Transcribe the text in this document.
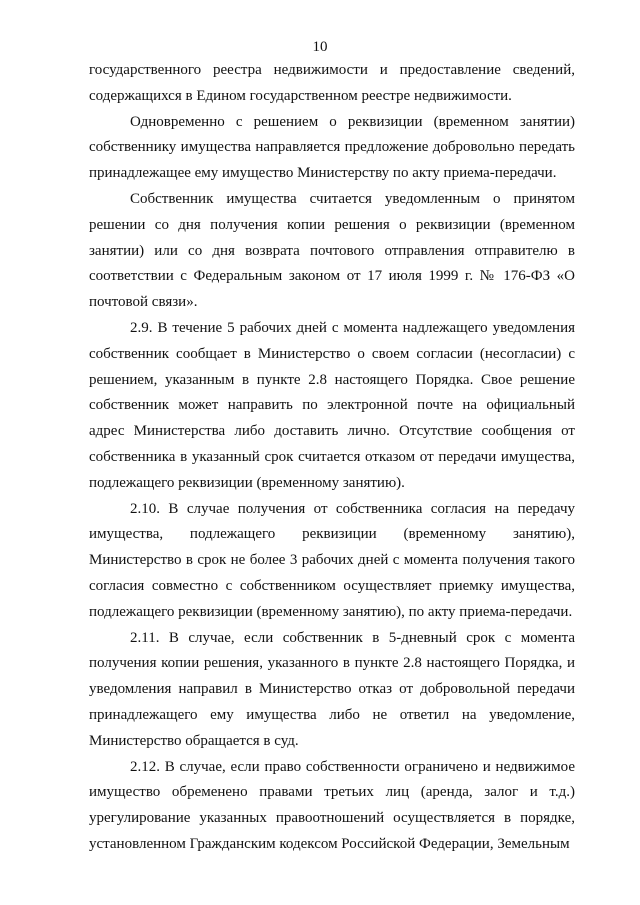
10

государственного реестра недвижимости и предоставление сведений, содержащихся в Едином государственном реестре недвижимости.

Одновременно с решением о реквизиции (временном занятии) собственнику имущества направляется предложение добровольно передать принадлежащее ему имущество Министерству по акту приема-передачи.

Собственник имущества считается уведомленным о принятом решении со дня получения копии решения о реквизиции (временном занятии) или со дня возврата почтового отправления отправителю в соответствии с Федеральным законом от 17 июля 1999 г. № 176-ФЗ «О почтовой связи».

2.9. В течение 5 рабочих дней с момента надлежащего уведомления собственник сообщает в Министерство о своем согласии (несогласии) с решением, указанным в пункте 2.8 настоящего Порядка. Свое решение собственник может направить по электронной почте на официальный адрес Министерства либо доставить лично. Отсутствие сообщения от собственника в указанный срок считается отказом от передачи имущества, подлежащего реквизиции (временному занятию).

2.10. В случае получения от собственника согласия на передачу имущества, подлежащего реквизиции (временному занятию), Министерство в срок не более 3 рабочих дней с момента получения такого согласия совместно с собственником осуществляет приемку имущества, подлежащего реквизиции (временному занятию), по акту приема-передачи.

2.11. В случае, если собственник в 5-дневный срок с момента получения копии решения, указанного в пункте 2.8 настоящего Порядка, и уведомления направил в Министерство отказ от добровольной передачи принадлежащего ему имущества либо не ответил на уведомление, Министерство обращается в суд.

2.12. В случае, если право собственности ограничено и недвижимое имущество обременено правами третьих лиц (аренда, залог и т.д.) урегулирование указанных правоотношений осуществляется в порядке, установленном Гражданским кодексом Российской Федерации, Земельным
